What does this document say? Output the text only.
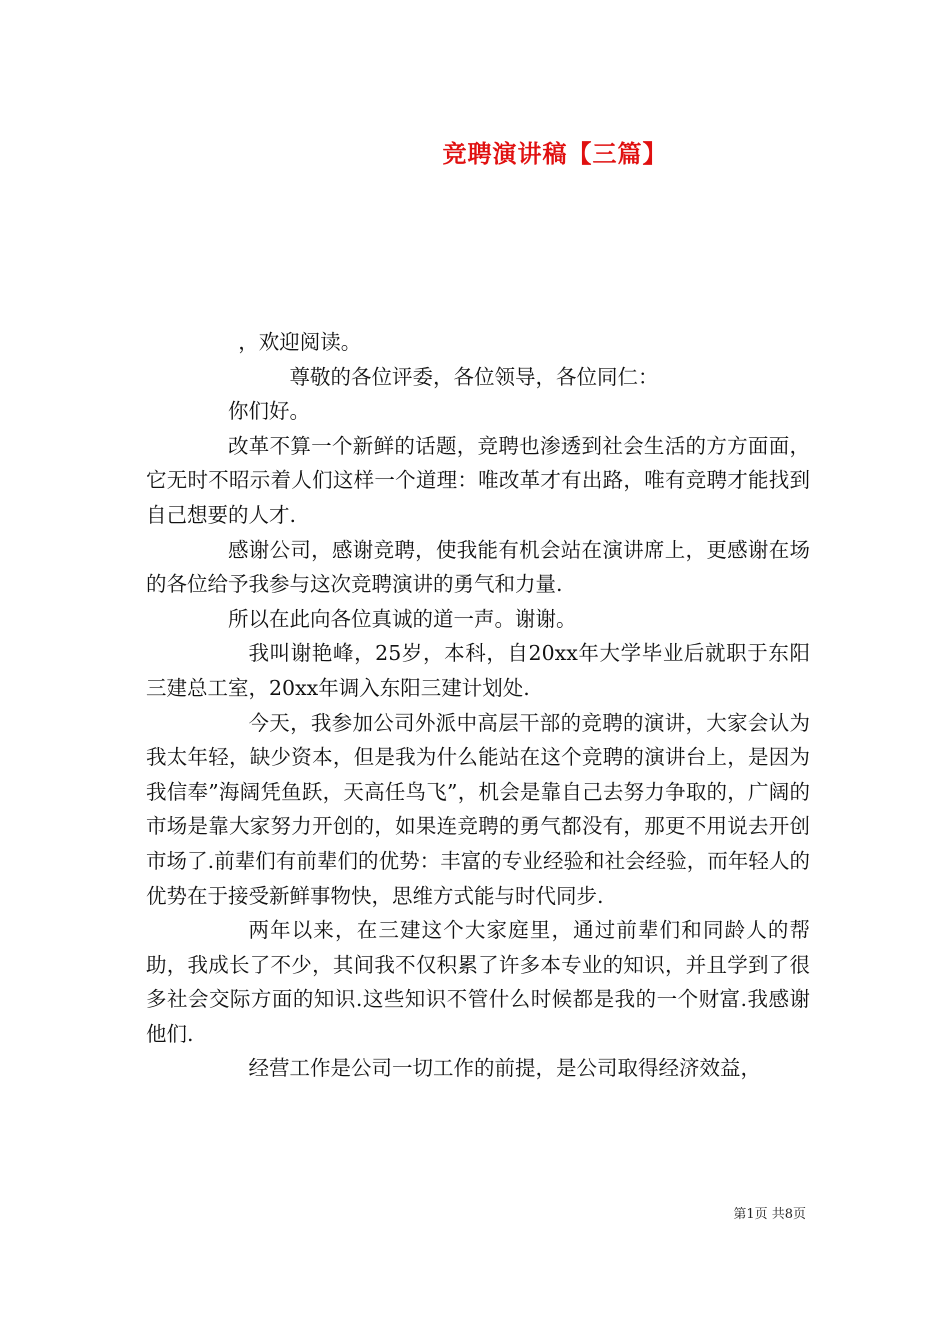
竞聘演讲稿【三篇】

，欢迎阅读。

尊敬的各位评委，各位领导，各位同仁：

你们好。

改革不算一个新鲜的话题，竞聘也渗透到社会生活的方方面面，它无时不昭示着人们这样一个道理：唯改革才有出路，唯有竞聘才能找到自己想要的人才.

感谢公司，感谢竞聘，使我能有机会站在演讲席上，更感谢在场的各位给予我参与这次竞聘演讲的勇气和力量.

所以在此向各位真诚的道一声。谢谢。

我叫谢艳峰，25岁，本科，自20xx年大学毕业后就职于东阳三建总工室，20xx年调入东阳三建计划处.

今天，我参加公司外派中高层干部的竞聘的演讲，大家会认为我太年轻，缺少资本，但是我为什么能站在这个竞聘的演讲台上，是因为我信奉”海阔凭鱼跃，天高任鸟飞”，机会是靠自己去努力争取的，广阔的市场是靠大家努力开创的，如果连竞聘的勇气都没有，那更不用说去开创市场了.前辈们有前辈们的优势：丰富的专业经验和社会经验，而年轻人的优势在于接受新鲜事物快，思维方式能与时代同步.

两年以来，在三建这个大家庭里，通过前辈们和同龄人的帮助，我成长了不少，其间我不仅积累了许多本专业的知识，并且学到了很多社会交际方面的知识.这些知识不管什么时候都是我的一个财富.我感谢他们.

经营工作是公司一切工作的前提，是公司取得经济效益，

第1页 共8页
